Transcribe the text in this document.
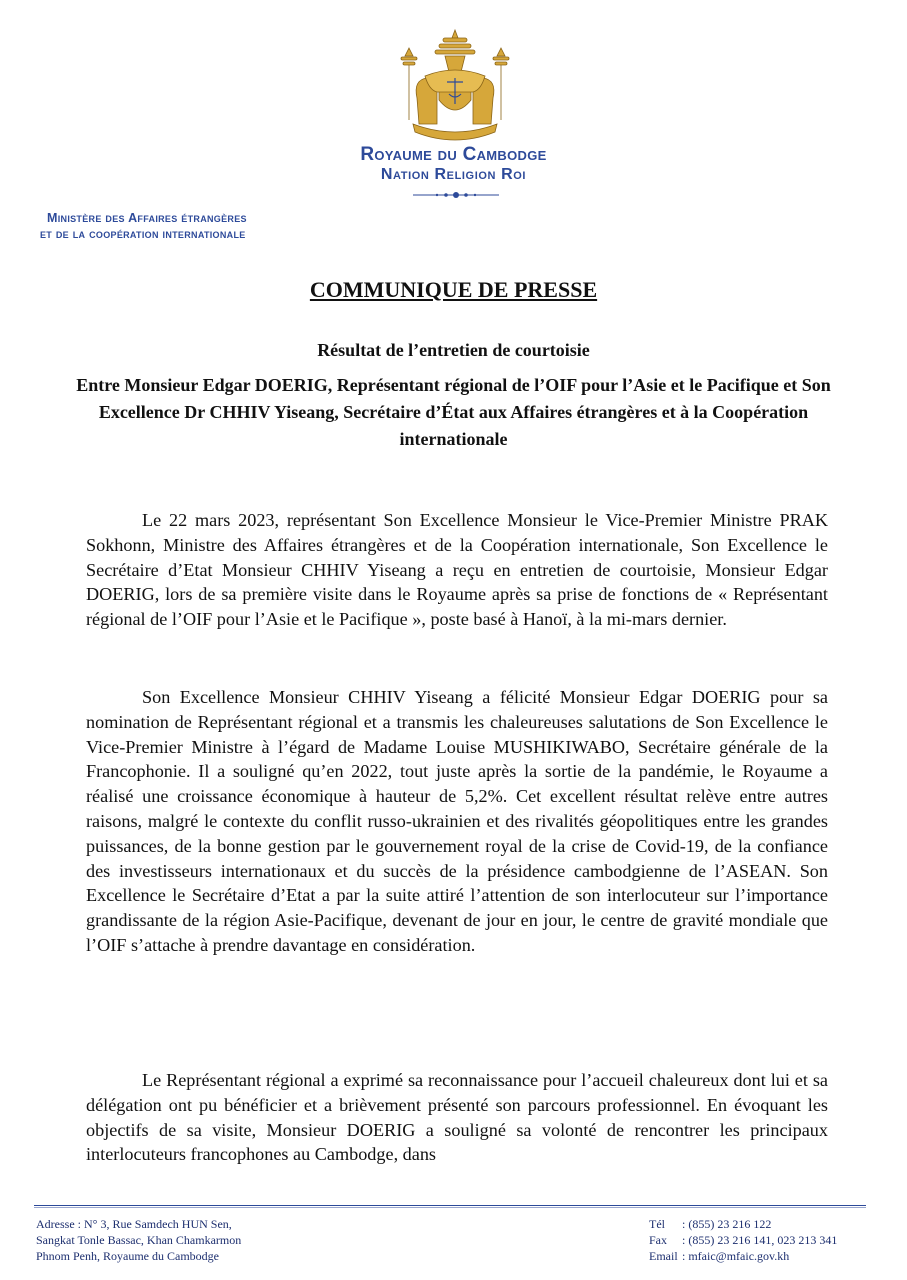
Royaume du Cambodge
Nation Religion Roi
Ministère des Affaires étrangères
et de la coopération internationale
COMMUNIQUE DE PRESSE
Résultat de l’entretien de courtoisie
Entre Monsieur Edgar DOERIG, Représentant régional de l’OIF pour l’Asie et le Pacifique et Son Excellence Dr CHHIV Yiseang, Secrétaire d’État aux Affaires étrangères et à la Coopération internationale

Le 22 mars 2023, représentant Son Excellence Monsieur le Vice-Premier Ministre PRAK Sokhonn, Ministre des Affaires étrangères et de la Coopération internationale, Son Excellence le Secrétaire d’Etat Monsieur CHHIV Yiseang a reçu en entretien de courtoisie, Monsieur Edgar DOERIG, lors de sa première visite dans le Royaume après sa prise de fonctions de « Représentant régional de l’OIF pour l’Asie et le Pacifique », poste basé à Hanoï, à la mi-mars dernier.

Son Excellence Monsieur CHHIV Yiseang a félicité Monsieur Edgar DOERIG pour sa nomination de Représentant régional et a transmis les chaleureuses salutations de Son Excellence le Vice-Premier Ministre à l’égard de Madame Louise MUSHIKIWABO, Secrétaire générale de la Francophonie. Il a souligné qu’en 2022, tout juste après la sortie de la pandémie, le Royaume a réalisé une croissance économique à hauteur de 5,2%. Cet excellent résultat relève entre autres raisons, malgré le contexte du conflit russo-ukrainien et des rivalités géopolitiques entre les grandes puissances, de la bonne gestion par le gouvernement royal de la crise de Covid-19, de la confiance des investisseurs internationaux et du succès de la présidence cambodgienne de l’ASEAN. Son Excellence le Secrétaire d’Etat a par la suite attiré l’attention de son interlocuteur sur l’importance grandissante de la région Asie-Pacifique, devenant de jour en jour, le centre de gravité mondiale que l’OIF s’attache à prendre davantage en considération.

Le Représentant régional a exprimé sa reconnaissance pour l’accueil chaleureux dont lui et sa délégation ont pu bénéficier et a brièvement présenté son parcours professionnel. En évoquant les objectifs de sa visite, Monsieur DOERIG a souligné sa volonté de rencontrer les principaux interlocuteurs francophones au Cambodge, dans

Adresse : N° 3, Rue Samdech HUN Sen,
Sangkat Tonle Bassac, Khan Chamkarmon
Phnom Penh, Royaume du Cambodge
Tél : (855) 23 216 122
Fax : (855) 23 216 141, 023 213 341
Email : mfaic@mfaic.gov.kh
